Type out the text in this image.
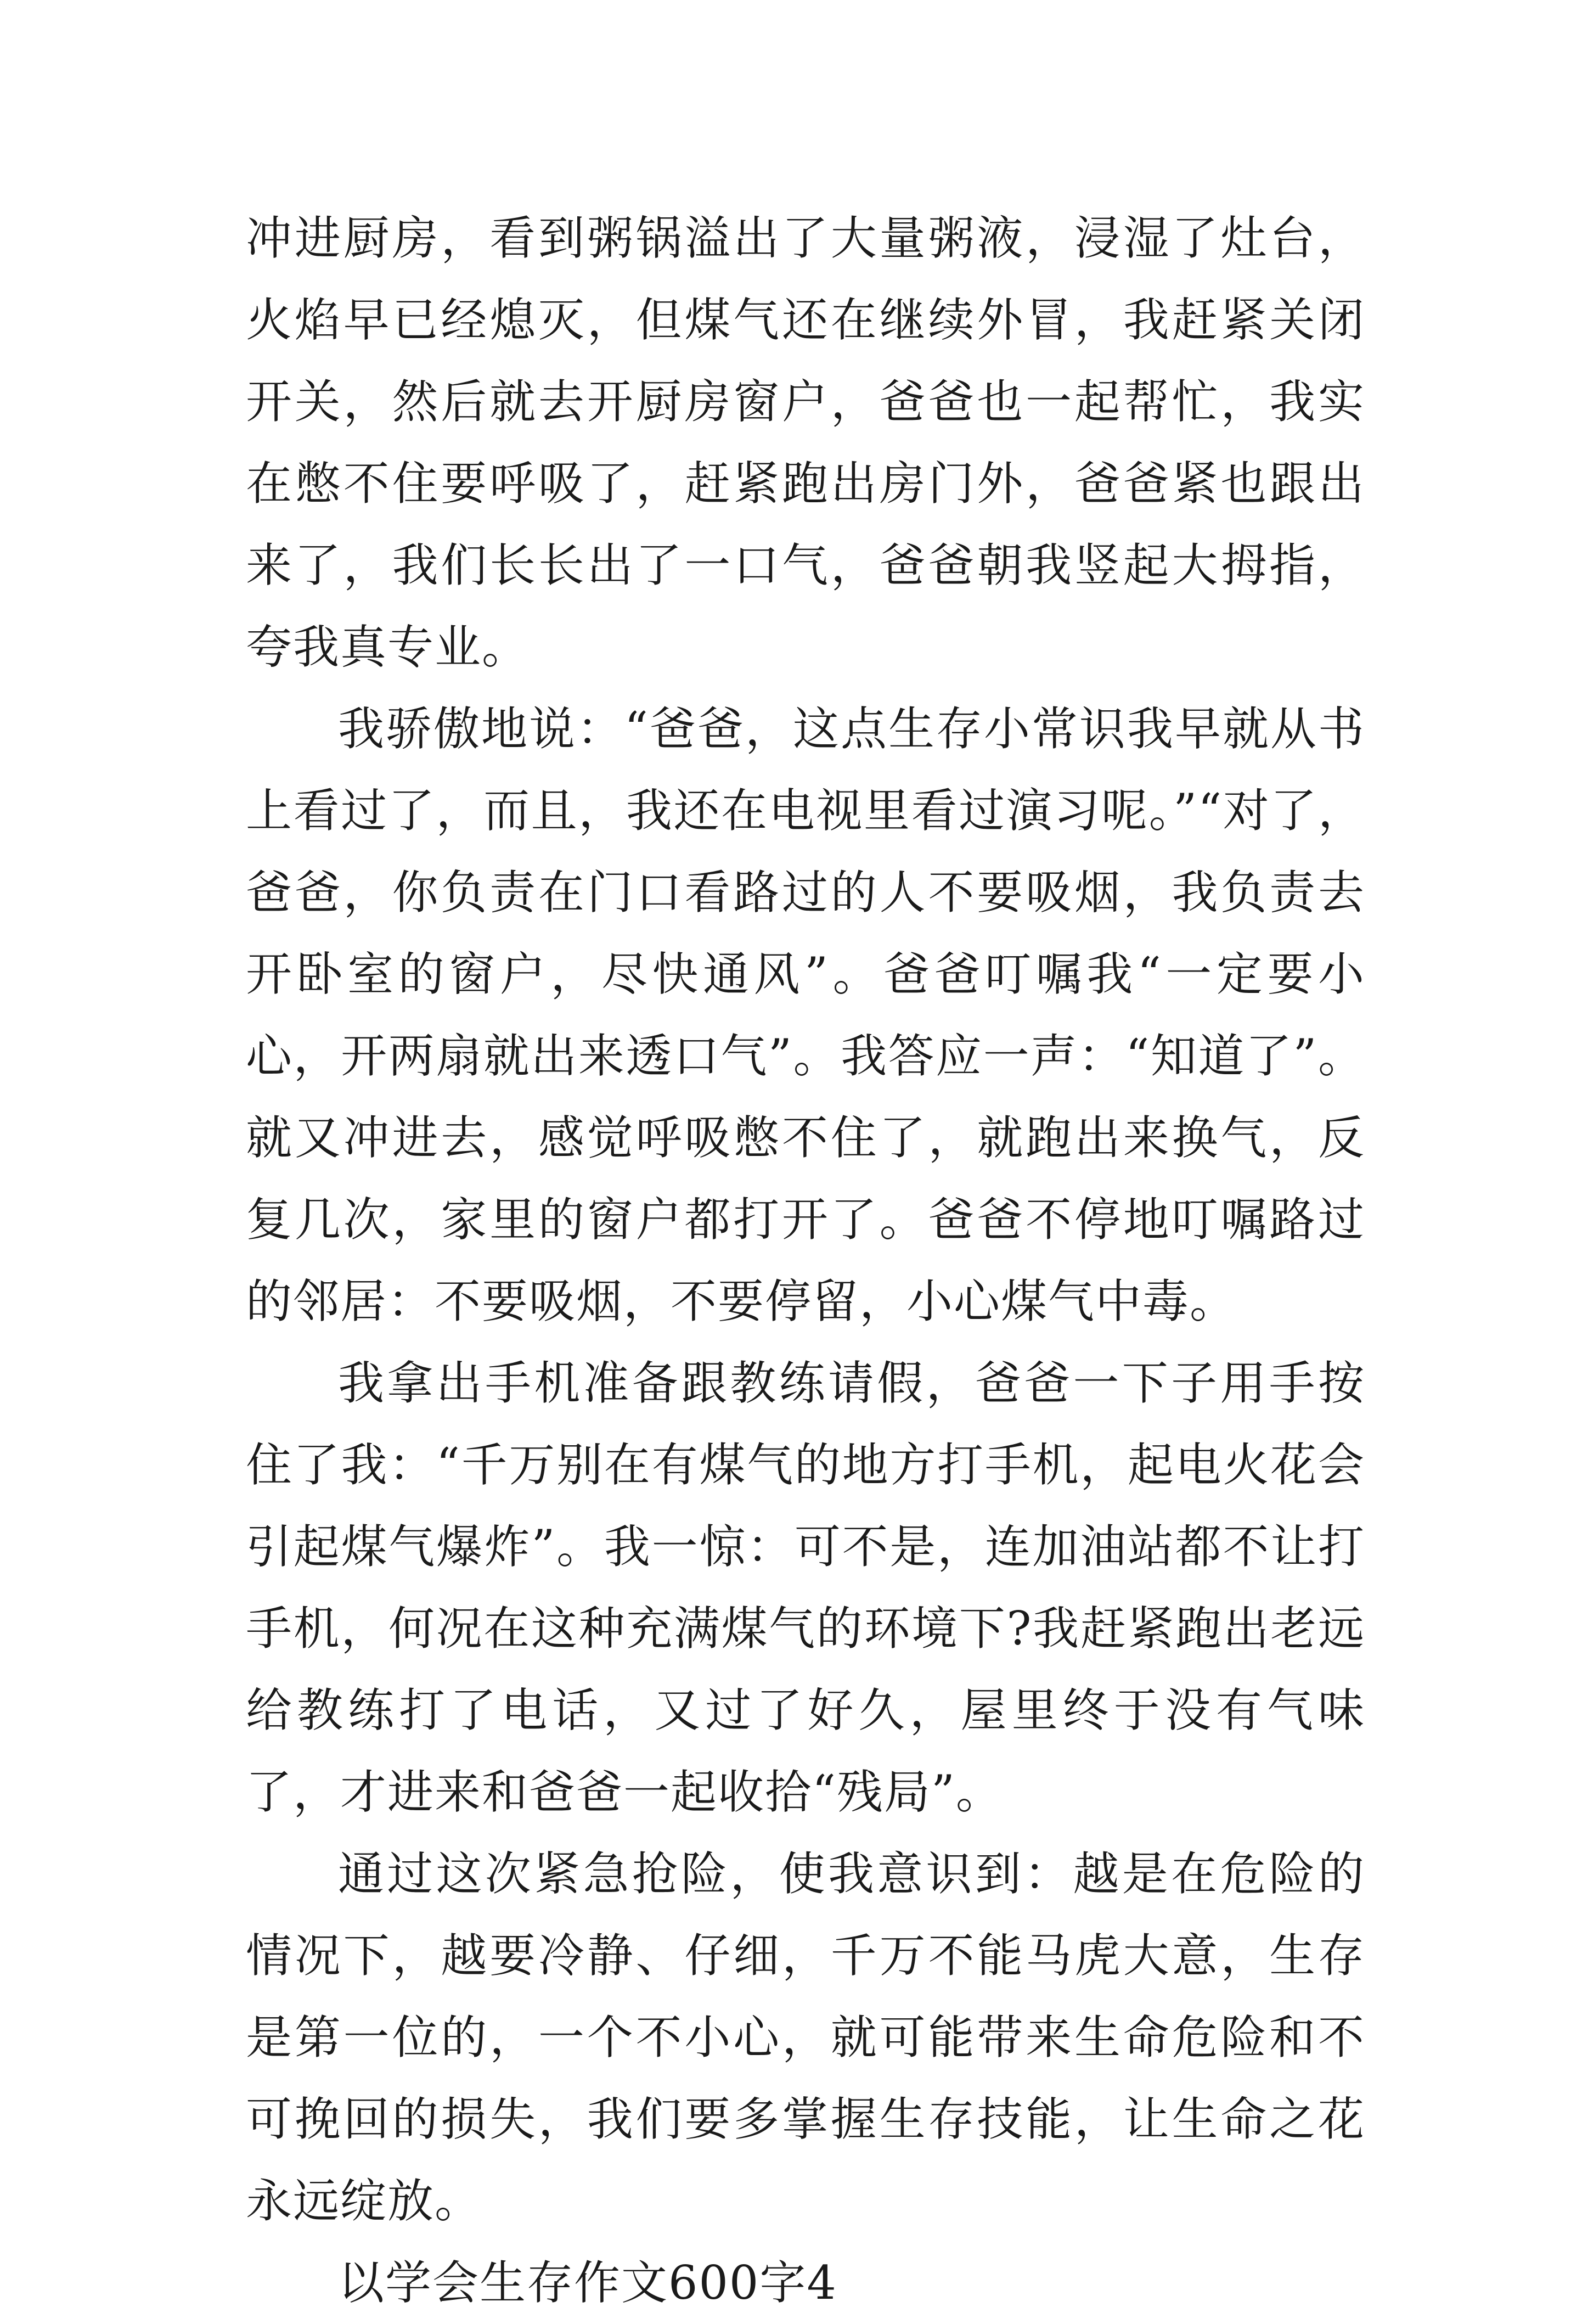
冲进厨房，看到粥锅溢出了大量粥液，浸湿了灶台，火焰早已经熄灭，但煤气还在继续外冒，我赶紧关闭开关，然后就去开厨房窗户，爸爸也一起帮忙，我实在憋不住要呼吸了，赶紧跑出房门外，爸爸紧也跟出来了，我们长长出了一口气，爸爸朝我竖起大拇指，夸我真专业。

我骄傲地说：“爸爸，这点生存小常识我早就从书上看过了，而且，我还在电视里看过演习呢。”“对了，爸爸，你负责在门口看路过的人不要吸烟，我负责去开卧室的窗户，尽快通风”。爸爸叮嘱我“一定要小心，开两扇就出来透口气”。我答应一声：“知道了”。就又冲进去，感觉呼吸憋不住了，就跑出来换气，反复几次，家里的窗户都打开了。爸爸不停地叮嘱路过的邻居：不要吸烟，不要停留，小心煤气中毒。

我拿出手机准备跟教练请假，爸爸一下子用手按住了我：“千万别在有煤气的地方打手机，起电火花会引起煤气爆炸”。我一惊：可不是，连加油站都不让打手机，何况在这种充满煤气的环境下?我赶紧跑出老远给教练打了电话，又过了好久，屋里终于没有气味了，才进来和爸爸一起收拾“残局”。

通过这次紧急抢险，使我意识到：越是在危险的情况下，越要冷静、仔细，千万不能马虎大意，生存是第一位的，一个不小心，就可能带来生命危险和不可挽回的损失，我们要多掌握生存技能，让生命之花永远绽放。

以学会生存作文600字4
